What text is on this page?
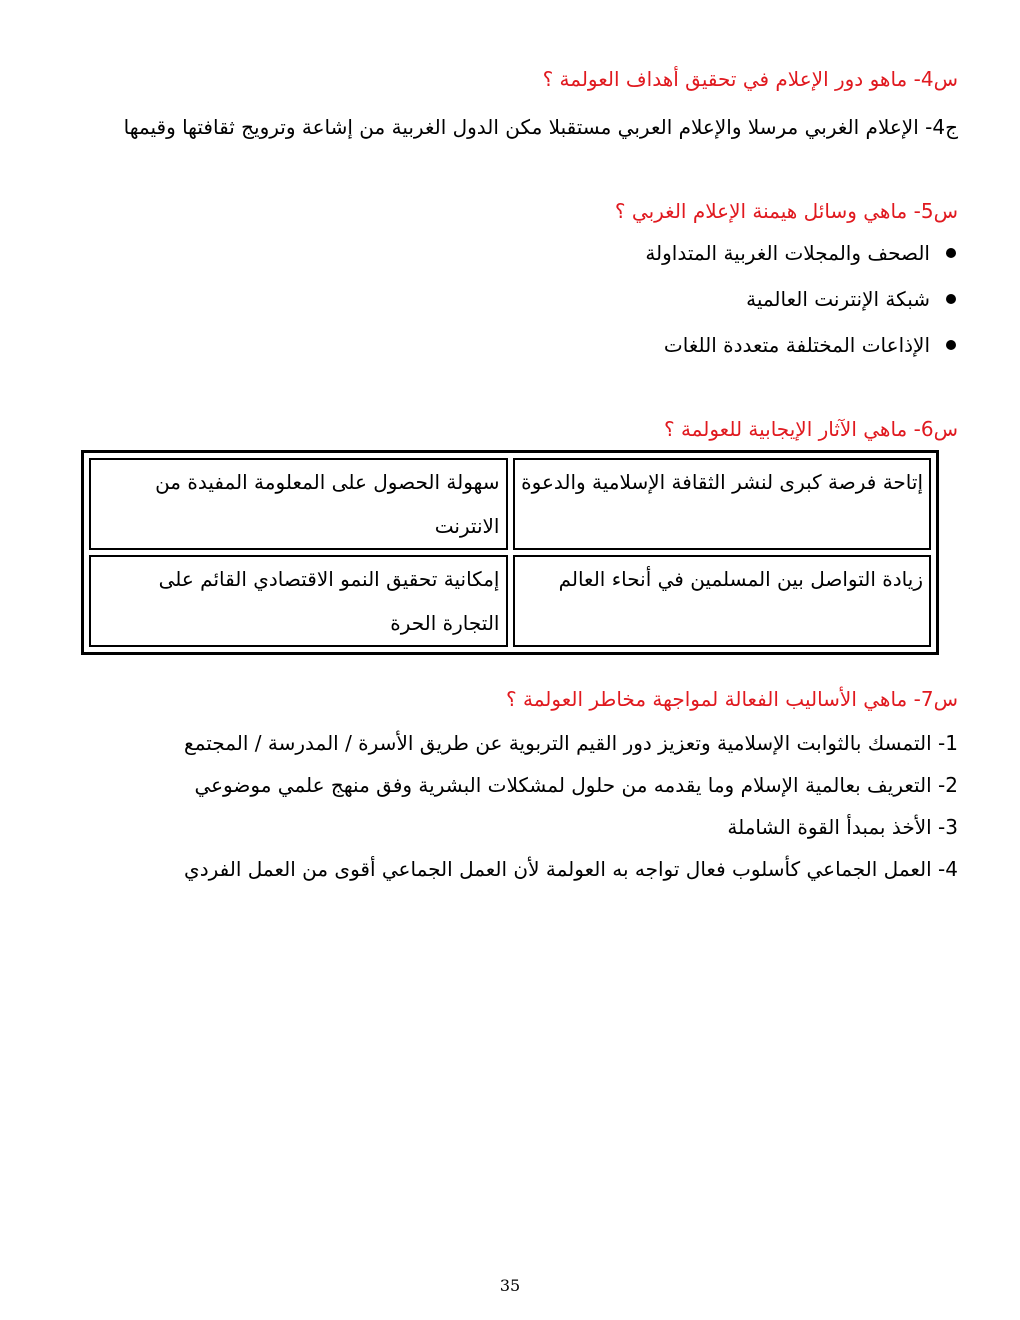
س4- ماهو دور الإعلام في تحقيق أهداف العولمة ؟
ج4- الإعلام الغربي مرسلا والإعلام العربي مستقبلا مكن الدول الغربية من إشاعة وترويج ثقافتها وقيمها
س5- ماهي وسائل هيمنة الإعلام الغربي ؟
الصحف والمجلات الغربية المتداولة
شبكة الإنترنت العالمية
الإذاعات المختلفة متعددة اللغات
س6- ماهي الآثار الإيجابية للعولمة ؟
إتاحة فرصة كبرى لنشر الثقافة الإسلامية والدعوة	سهولة الحصول على المعلومة المفيدة من الانترنت
زيادة التواصل بين المسلمين في أنحاء العالم	إمكانية تحقيق النمو الاقتصادي القائم على التجارة الحرة
س7- ماهي الأساليب الفعالة لمواجهة مخاطر العولمة ؟
1- التمسك بالثوابت الإسلامية وتعزيز دور القيم التربوية عن طريق الأسرة / المدرسة / المجتمع
2- التعريف بعالمية الإسلام وما يقدمه من حلول لمشكلات البشرية وفق منهج علمي موضوعي
3- الأخذ بمبدأ القوة الشاملة
4- العمل الجماعي كأسلوب فعال تواجه به العولمة لأن العمل الجماعي أقوى من العمل الفردي
35
